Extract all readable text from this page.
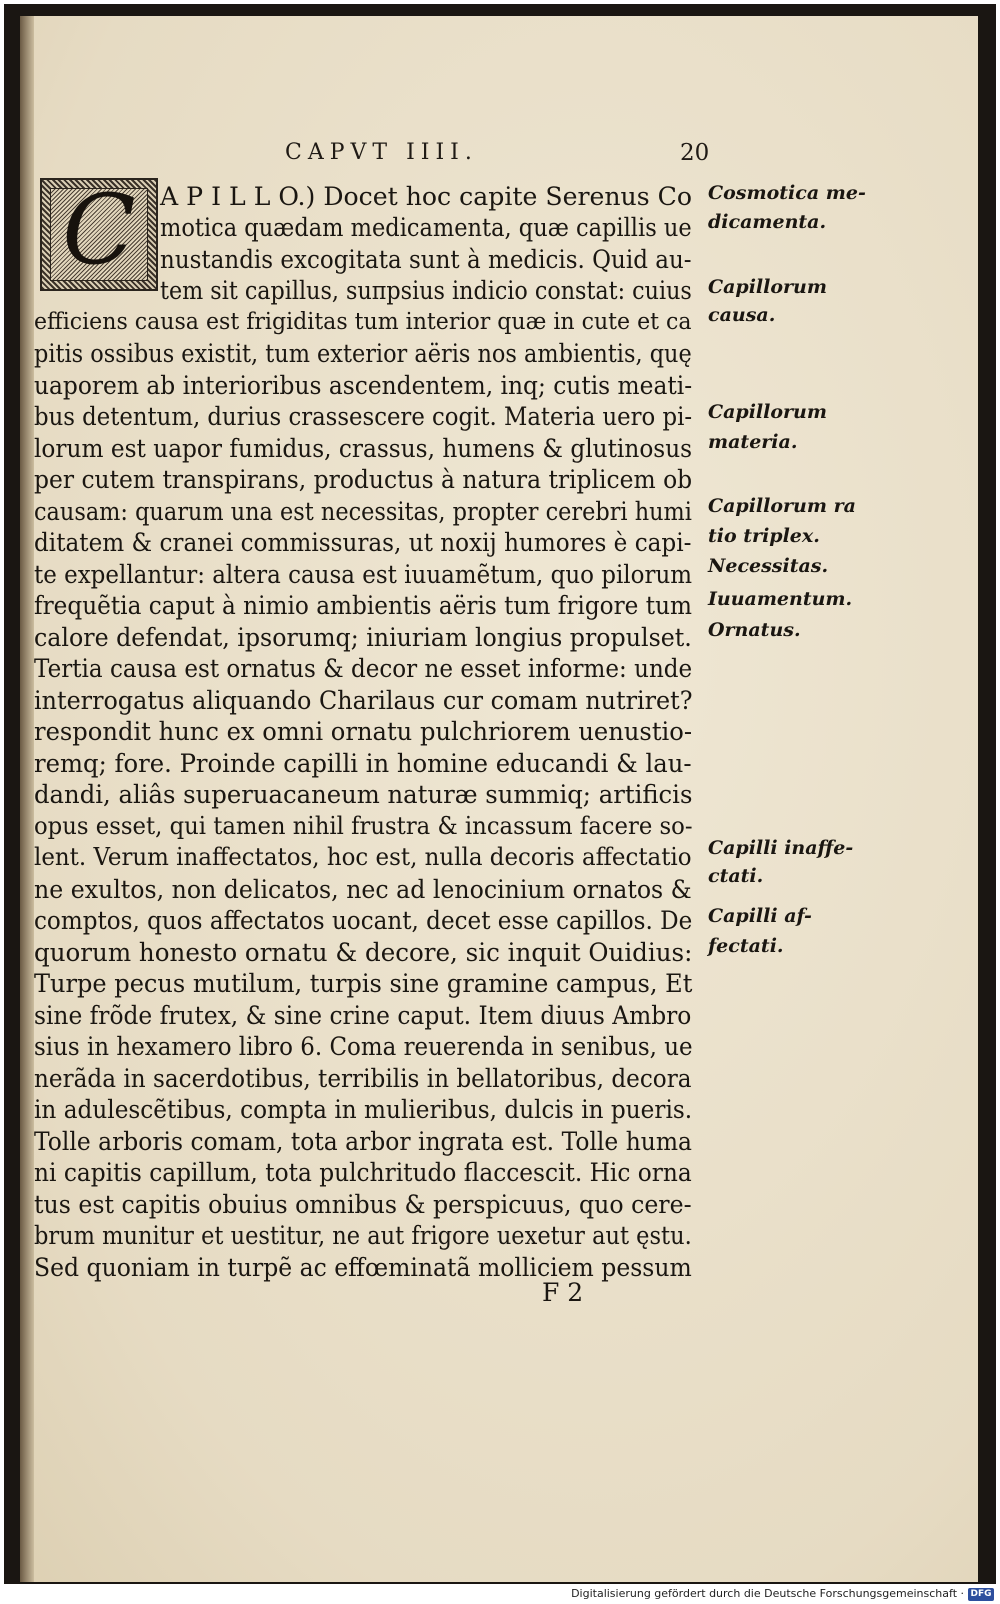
CAPVT IIII.	20
C A P I L L O.) Docet hoc capite Serenus Co
motica quædam medicamenta, quæ capillis ue
nustandis excogitata sunt à medicis. Quid au-
tem sit capillus, suπpsius indicio constat: cuius
efficiens causa est frigiditas tum interior quæ in cute et ca
pitis ossibus existit, tum exterior aëris nos ambientis, quę
uaporem ab interioribus ascendentem, inq; cutis meati-
bus detentum, durius crassescere cogit. Materia uero pi-
lorum est uapor fumidus, crassus, humens & glutinosus
per cutem transpirans, productus à natura triplicem ob
causam: quarum una est necessitas, propter cerebri humi
ditatem & cranei commissuras, ut noxij humores è capi-
te expellantur: altera causa est iuuamẽtum, quo pilorum
frequẽtia caput à nimio ambientis aëris tum frigore tum
calore defendat, ipsorumq; iniuriam longius propulset.
Tertia causa est ornatus & decor ne esset informe: unde
interrogatus aliquando Charilaus cur comam nutriret?
respondit hunc ex omni ornatu pulchriorem uenustio-
remq; fore. Proinde capilli in homine educandi & lau-
dandi, aliâs superuacaneum naturæ summiq; artificis
opus esset, qui tamen nihil frustra & incassum facere so-
lent. Verum inaffectatos, hoc est, nulla decoris affectatio
ne exultos, non delicatos, nec ad lenocinium ornatos &
comptos, quos affectatos uocant, decet esse capillos. De
quorum honesto ornatu & decore, sic inquit Ouidius:
Turpe pecus mutilum, turpis sine gramine campus, Et
sine frõde frutex, & sine crine caput. Item diuus Ambro
sius in hexamero libro 6. Coma reuerenda in senibus, ue
nerãda in sacerdotibus, terribilis in bellatoribus, decora
in adulescẽtibus, compta in mulieribus, dulcis in pueris.
Tolle arboris comam, tota arbor ingrata est. Tolle huma
ni capitis capillum, tota pulchritudo flaccescit. Hic orna
tus est capitis obuius omnibus & perspicuus, quo cere-
brum munitur et uestitur, ne aut frigore uexetur aut ęstu.
Sed quoniam in turpẽ ac effœminatã molliciem pessum
Cosmotica me-
dicamenta.
Capillorum
causa.
Capillorum
materia.
Capillorum ra
tio triplex.
Necessitas.
Iuuamentum.
Ornatus.
Capilli inaffe-
ctati.
Capilli af-
fectati.
F 2
Digitalisierung gefördert durch die Deutsche Forschungsgemeinschaft · DFG
